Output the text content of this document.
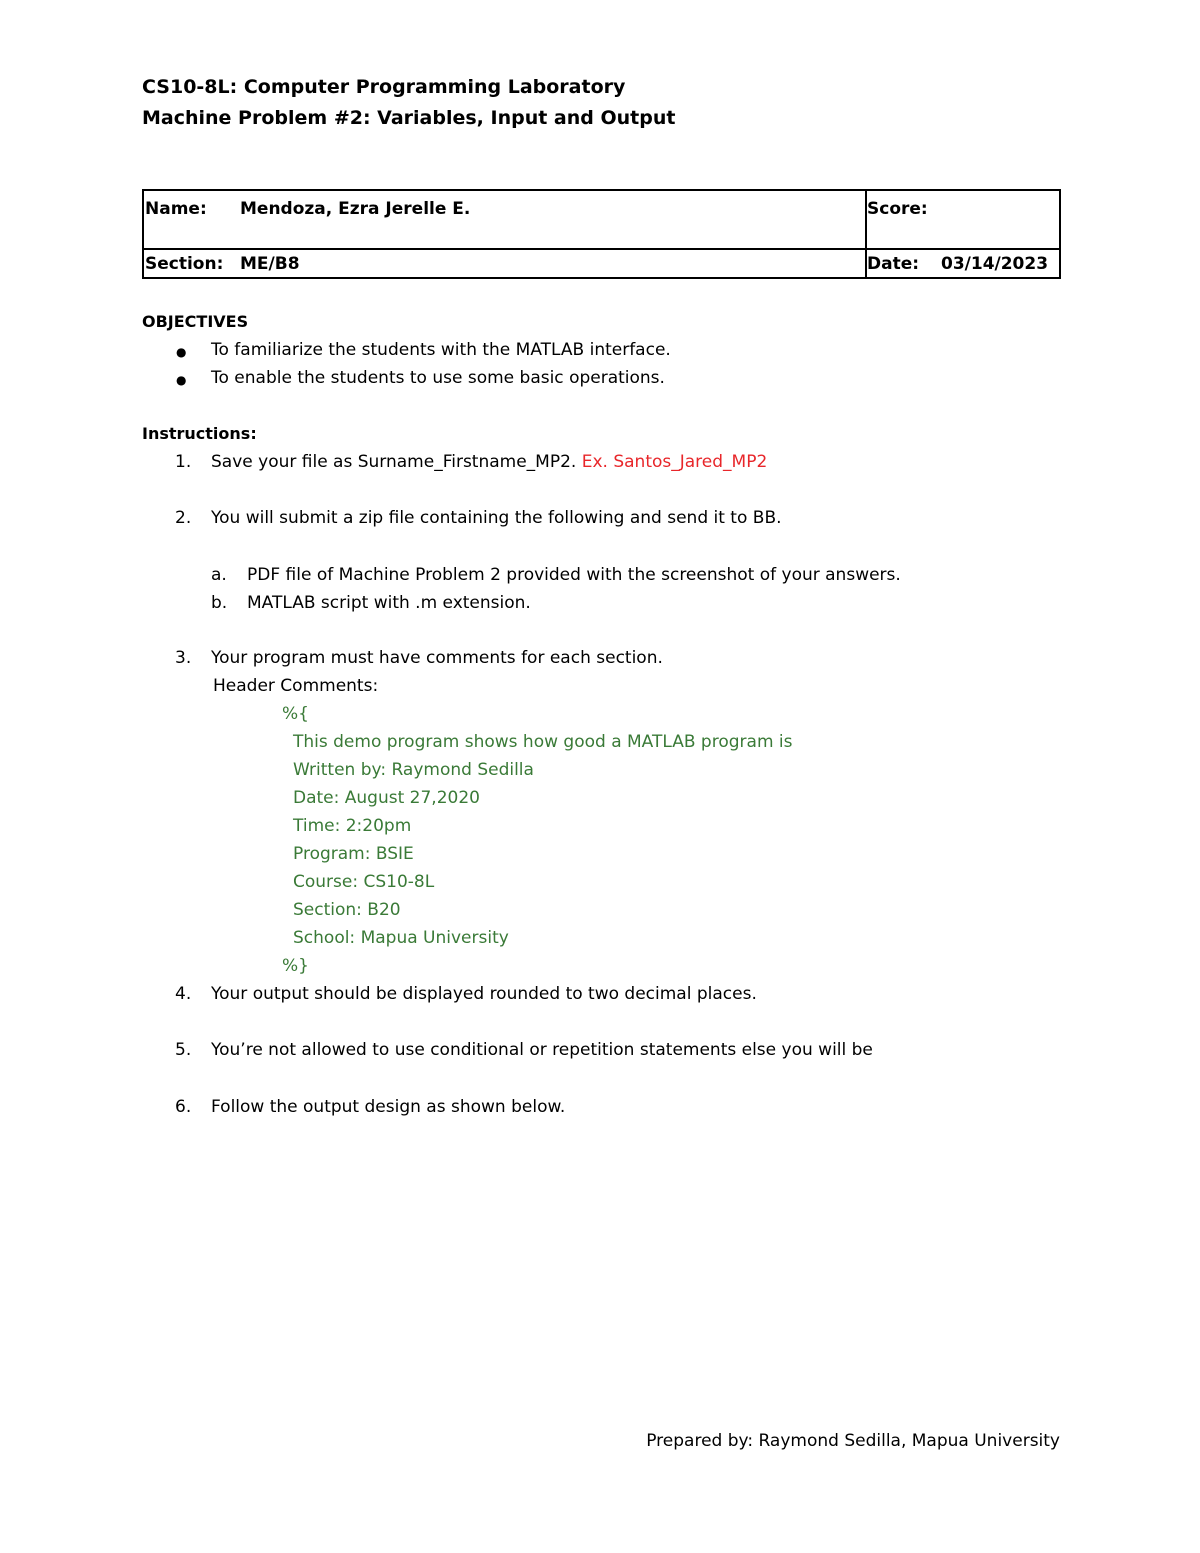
CS10-8L: Computer Programming Laboratory
Machine Problem #2: Variables, Input and Output
Name: Mendoza, Ezra Jerelle E.	Score:
Section: ME/B8	Date: 03/14/2023
OBJECTIVES
● To familiarize the students with the MATLAB interface.
● To enable the students to use some basic operations.
Instructions:
1. Save your file as Surname_Firstname_MP2. Ex. Santos_Jared_MP2
2. You will submit a zip file containing the following and send it to BB.
a. PDF file of Machine Problem 2 provided with the screenshot of your answers.
b. MATLAB script with .m extension.
3. Your program must have comments for each section.
Header Comments:
%{
This demo program shows how good a MATLAB program is
Written by: Raymond Sedilla
Date: August 27,2020
Time: 2:20pm
Program: BSIE
Course: CS10-8L
Section: B20
School: Mapua University
%}
4. Your output should be displayed rounded to two decimal places.
5. You’re not allowed to use conditional or repetition statements else you will be
6. Follow the output design as shown below.
Prepared by: Raymond Sedilla, Mapua University
